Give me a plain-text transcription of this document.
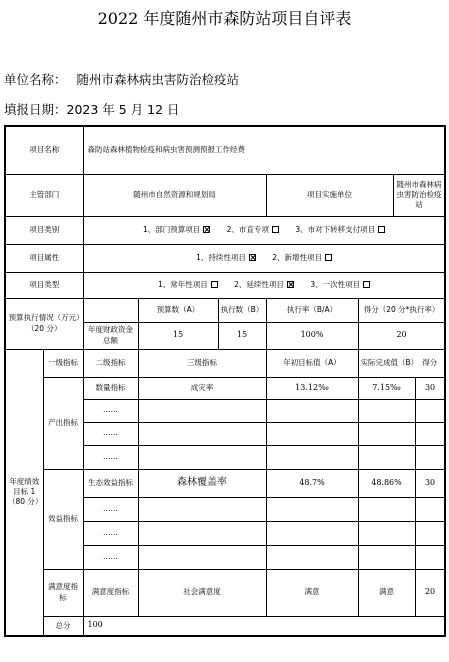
2022 年度随州市森防站项目自评表
单位名称： 随州市森林病虫害防治检疫站
填报日期：2023 年 5 月 12 日
项目名称		森防站森林植物检疫和病虫害预测预报工作经费						
主管部门		随州市自然资源和规划局			项目实施单位		随州市森林病虫害防治检疫站	
项目类别		1、部门预算项目 2、市直专项 3、市对下转移支付项目						
项目属性		1、持续性项目 2、新增性项目						
项目类型		1、常年性项目 2、延续性项目 3、一次性项目						
预算执行情况（万元）（20 分）			预算数（A）	执行数（B）	执行率（B/A）	得分（20 分*执行率）		
		年度财政资金总额	15	15	100%	20		
年度绩效目标 1（80 分）	一级指标	二级指标	三级指标		年初目标值（A）	实际完成值（B） 得分		

	产出指标	数量指标	成灾率		13.12‰	7.15‰		30
		……						
		……						
		……						
	效益指标	生态效益指标	森林覆盖率		48.7%	48.86%		30
		……						
		……						
		……						
	满意度指标	满意度指标	社会满意度		满意	满意		20
	总分	100						
